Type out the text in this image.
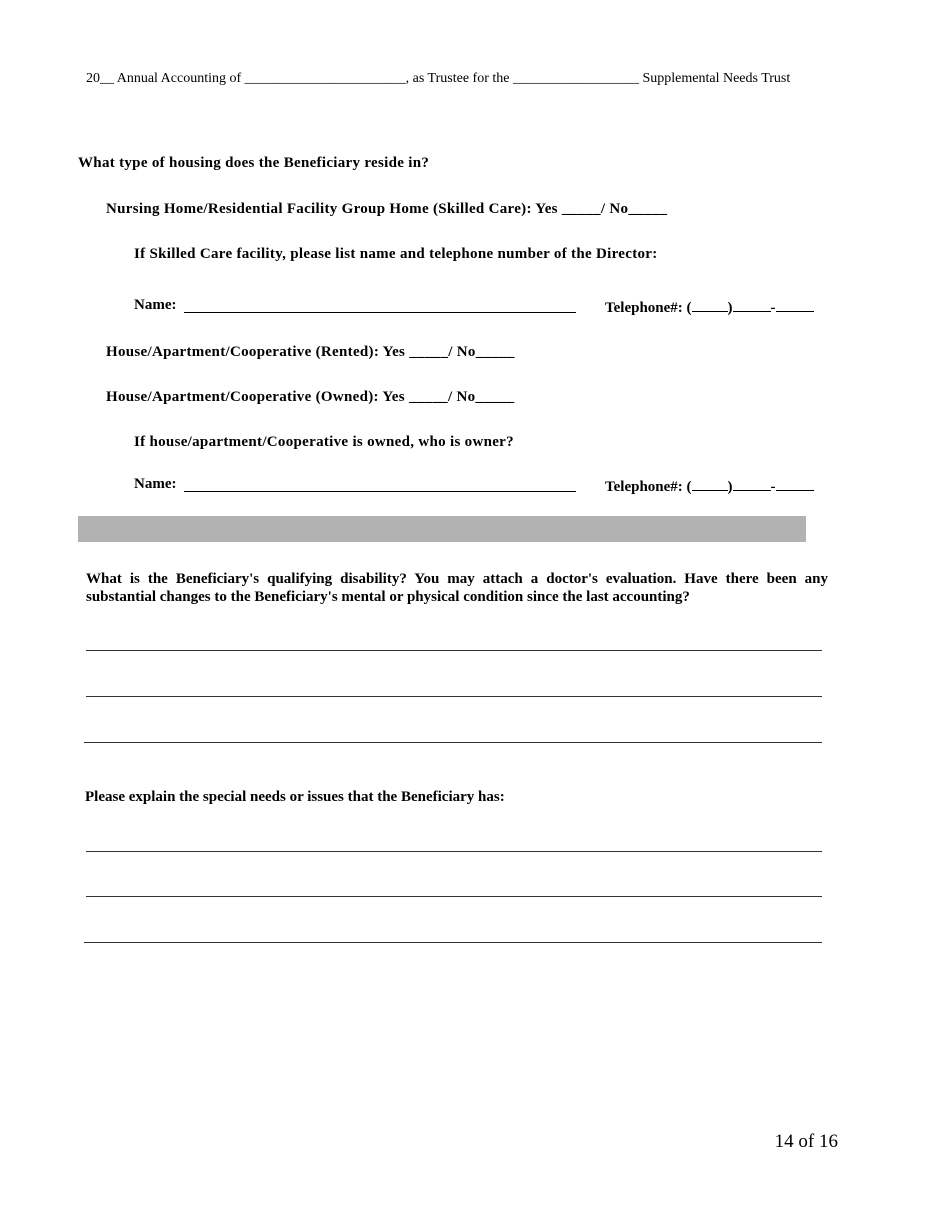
20__ Annual Accounting of _______________________, as Trustee for the __________________ Supplemental Needs Trust
What type of housing does the Beneficiary reside in?
Nursing Home/Residential Facility Group Home (Skilled Care): Yes _____/ No_____
If Skilled Care facility, please list name and telephone number of the Director:
Name:	Telephone#: ( )	-
House/Apartment/Cooperative (Rented): Yes _____/ No_____
House/Apartment/Cooperative (Owned): Yes _____/ No_____
If house/apartment/Cooperative is owned, who is owner?
Name:	Telephone#: ( )	-
What is the Beneficiary's qualifying disability? You may attach a doctor's evaluation. Have there been any substantial changes to the Beneficiary's mental or physical condition since the last accounting?
Please explain the special needs or issues that the Beneficiary has:
14 of 16
